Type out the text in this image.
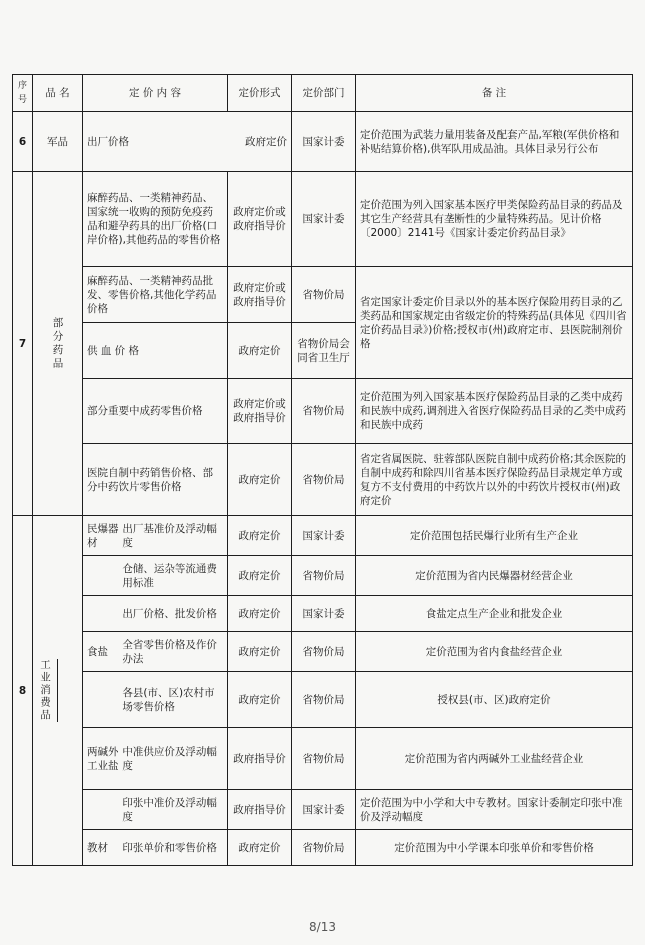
序号	品 名	定 价 内 容	定价形式	定价部门	备 注
6	军品	出厂价格 政府定价		国家计委	定价范围为武装力量用装备及配套产品,军粮(军供价格和补贴结算价格),供军队用成品油。具体目录另行公布
7	部分药品	麻醉药品、一类精神药品、国家统一收购的预防免疫药品和避孕药具的出厂价格(口岸价格),其他药品的零售价格	政府定价或政府指导价	国家计委	定价范围为列入国家基本医疗甲类保险药品目录的药品及其它生产经营具有垄断性的少量特殊药品。见计价格〔2000〕2141号《国家计委定价药品目录》
		麻醉药品、一类精神药品批发、零售价格,其他化学药品价格	政府定价或政府指导价	省物价局	省定国家计委定价目录以外的基本医疗保险用药目录的乙类药品和国家规定由省级定价的特殊药品(具体见《四川省定价药品目录》)价格;授权市(州)政府定市、县医院制剂价格
		供 血 价 格	政府定价	省物价局会同省卫生厅	
		部分重要中成药零售价格	政府定价或政府指导价	省物价局	定价范围为列入国家基本医疗保险药品目录的乙类中成药和民族中成药,调剂进入省医疗保险药品目录的乙类中成药和民族中成药
		医院自制中药销售价格、部分中药饮片零售价格	政府定价	省物价局	省定省属医院、驻蓉部队医院自制中成药价格;其余医院的自制中成药和除四川省基本医疗保险药品目录规定单方或复方不支付费用的中药饮片以外的中药饮片授权市(州)政府定价
8	工业消费品	民爆器材 出厂基准价及浮动幅度	政府定价	国家计委	定价范围包括民爆行业所有生产企业
		仓储、运杂等流通费用标准	政府定价	省物价局	定价范围为省内民爆器材经营企业
		出厂价格、批发价格	政府定价	国家计委	食盐定点生产企业和批发企业
		食盐 全省零售价格及作价办法	政府定价	省物价局	定价范围为省内食盐经营企业
		各县(市、区)农村市场零售价格	政府定价	省物价局	授权县(市、区)政府定价
		两碱外工业盐 中准供应价及浮动幅度	政府指导价	省物价局	定价范围为省内两碱外工业盐经营企业
		印张中准价及浮动幅度	政府指导价	国家计委	定价范围为中小学和大中专教材。国家计委制定印张中准价及浮动幅度
		教材 印张单价和零售价格	政府定价	省物价局	定价范围为中小学课本印张单价和零售价格
8/13
